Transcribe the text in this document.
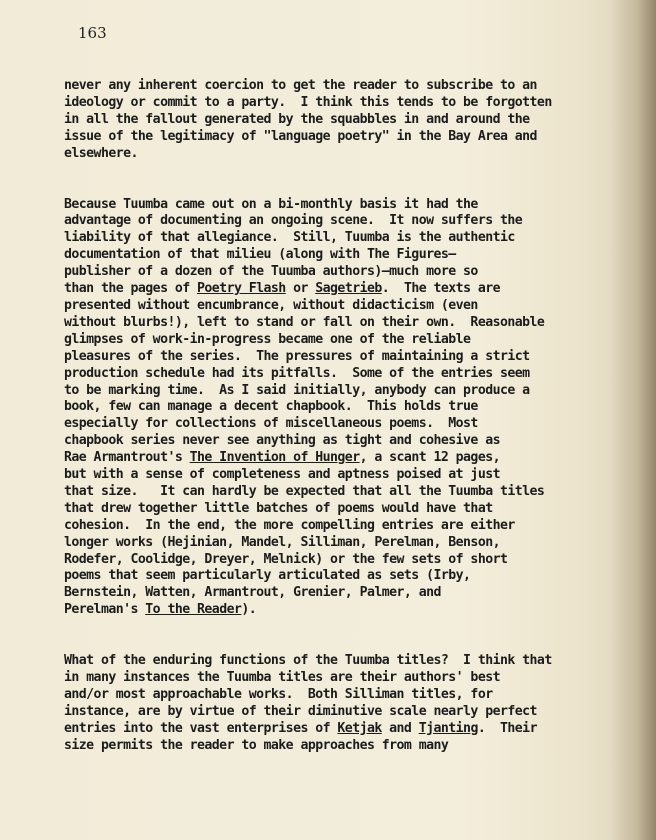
163
never any inherent coercion to get the reader to subscribe to an
ideology or commit to a party.  I think this tends to be forgotten
in all the fallout generated by the squabbles in and around the
issue of the legitimacy of "language poetry" in the Bay Area and
elsewhere.
Because Tuumba came out on a bi-monthly basis it had the
advantage of documenting an ongoing scene.  It now suffers the
liability of that allegiance.  Still, Tuumba is the authentic
documentation of that milieu (along with The Figures—
publisher of a dozen of the Tuumba authors)—much more so
than the pages of Poetry Flash or Sagetrieb.  The texts are
presented without encumbrance, without didacticism (even
without blurbs!), left to stand or fall on their own.  Reasonable
glimpses of work-in-progress became one of the reliable
pleasures of the series.  The pressures of maintaining a strict
production schedule had its pitfalls.  Some of the entries seem
to be marking time.  As I said initially, anybody can produce a
book, few can manage a decent chapbook.  This holds true
especially for collections of miscellaneous poems.  Most
chapbook series never see anything as tight and cohesive as
Rae Armantrout's The Invention of Hunger, a scant 12 pages,
but with a sense of completeness and aptness poised at just
that size.   It can hardly be expected that all the Tuumba titles
that drew together little batches of poems would have that
cohesion.  In the end, the more compelling entries are either
longer works (Hejinian, Mandel, Silliman, Perelman, Benson,
Rodefer, Coolidge, Dreyer, Melnick) or the few sets of short
poems that seem particularly articulated as sets (Irby,
Bernstein, Watten, Armantrout, Grenier, Palmer, and
Perelman's To the Reader).
What of the enduring functions of the Tuumba titles?  I think that
in many instances the Tuumba titles are their authors' best
and/or most approachable works.  Both Silliman titles, for
instance, are by virtue of their diminutive scale nearly perfect
entries into the vast enterprises of Ketjak and Tjanting.  Their
size permits the reader to make approaches from many
